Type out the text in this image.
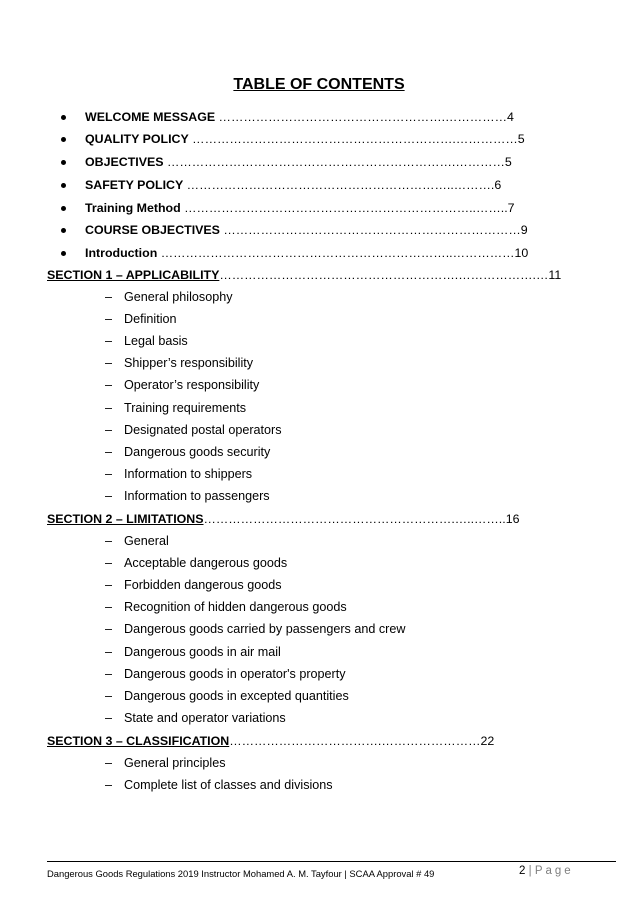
TABLE OF CONTENTS
WELCOME MESSAGE ……………………………………………….……………4
QUALITY POLICY ……………………………………………………….……………5
OBJECTIVES …………………………………………………………….…………5
SAFETY POLICY ………………………………………………………..……….6
Training Method ……………………………………………………………..……..7
COURSE OBJECTIVES ………………………………………………………………9
Introduction ……………………………………………………………..……………10
SECTION 1 – APPLICABILITY………………………………………………….……………….…11
– General philosophy
– Definition
– Legal basis
– Shipper’s responsibility
– Operator’s responsibility
– Training requirements
– Designated postal operators
– Dangerous goods security
– Information to shippers
– Information to passengers
SECTION 2 – LIMITATIONS…………………………………………………….…..……..16
– General
– Acceptable dangerous goods
– Forbidden dangerous goods
– Recognition of hidden dangerous goods
– Dangerous goods carried by passengers and crew
– Dangerous goods in air mail
– Dangerous goods in operator's property
– Dangerous goods in excepted quantities
– State and operator variations
SECTION 3 – CLASSIFICATION……………………………….……………………22
– General principles
– Complete list of classes and divisions
Dangerous Goods Regulations 2019 Instructor Mohamed A. M. Tayfour | SCAA Approval # 49	2 | Page
